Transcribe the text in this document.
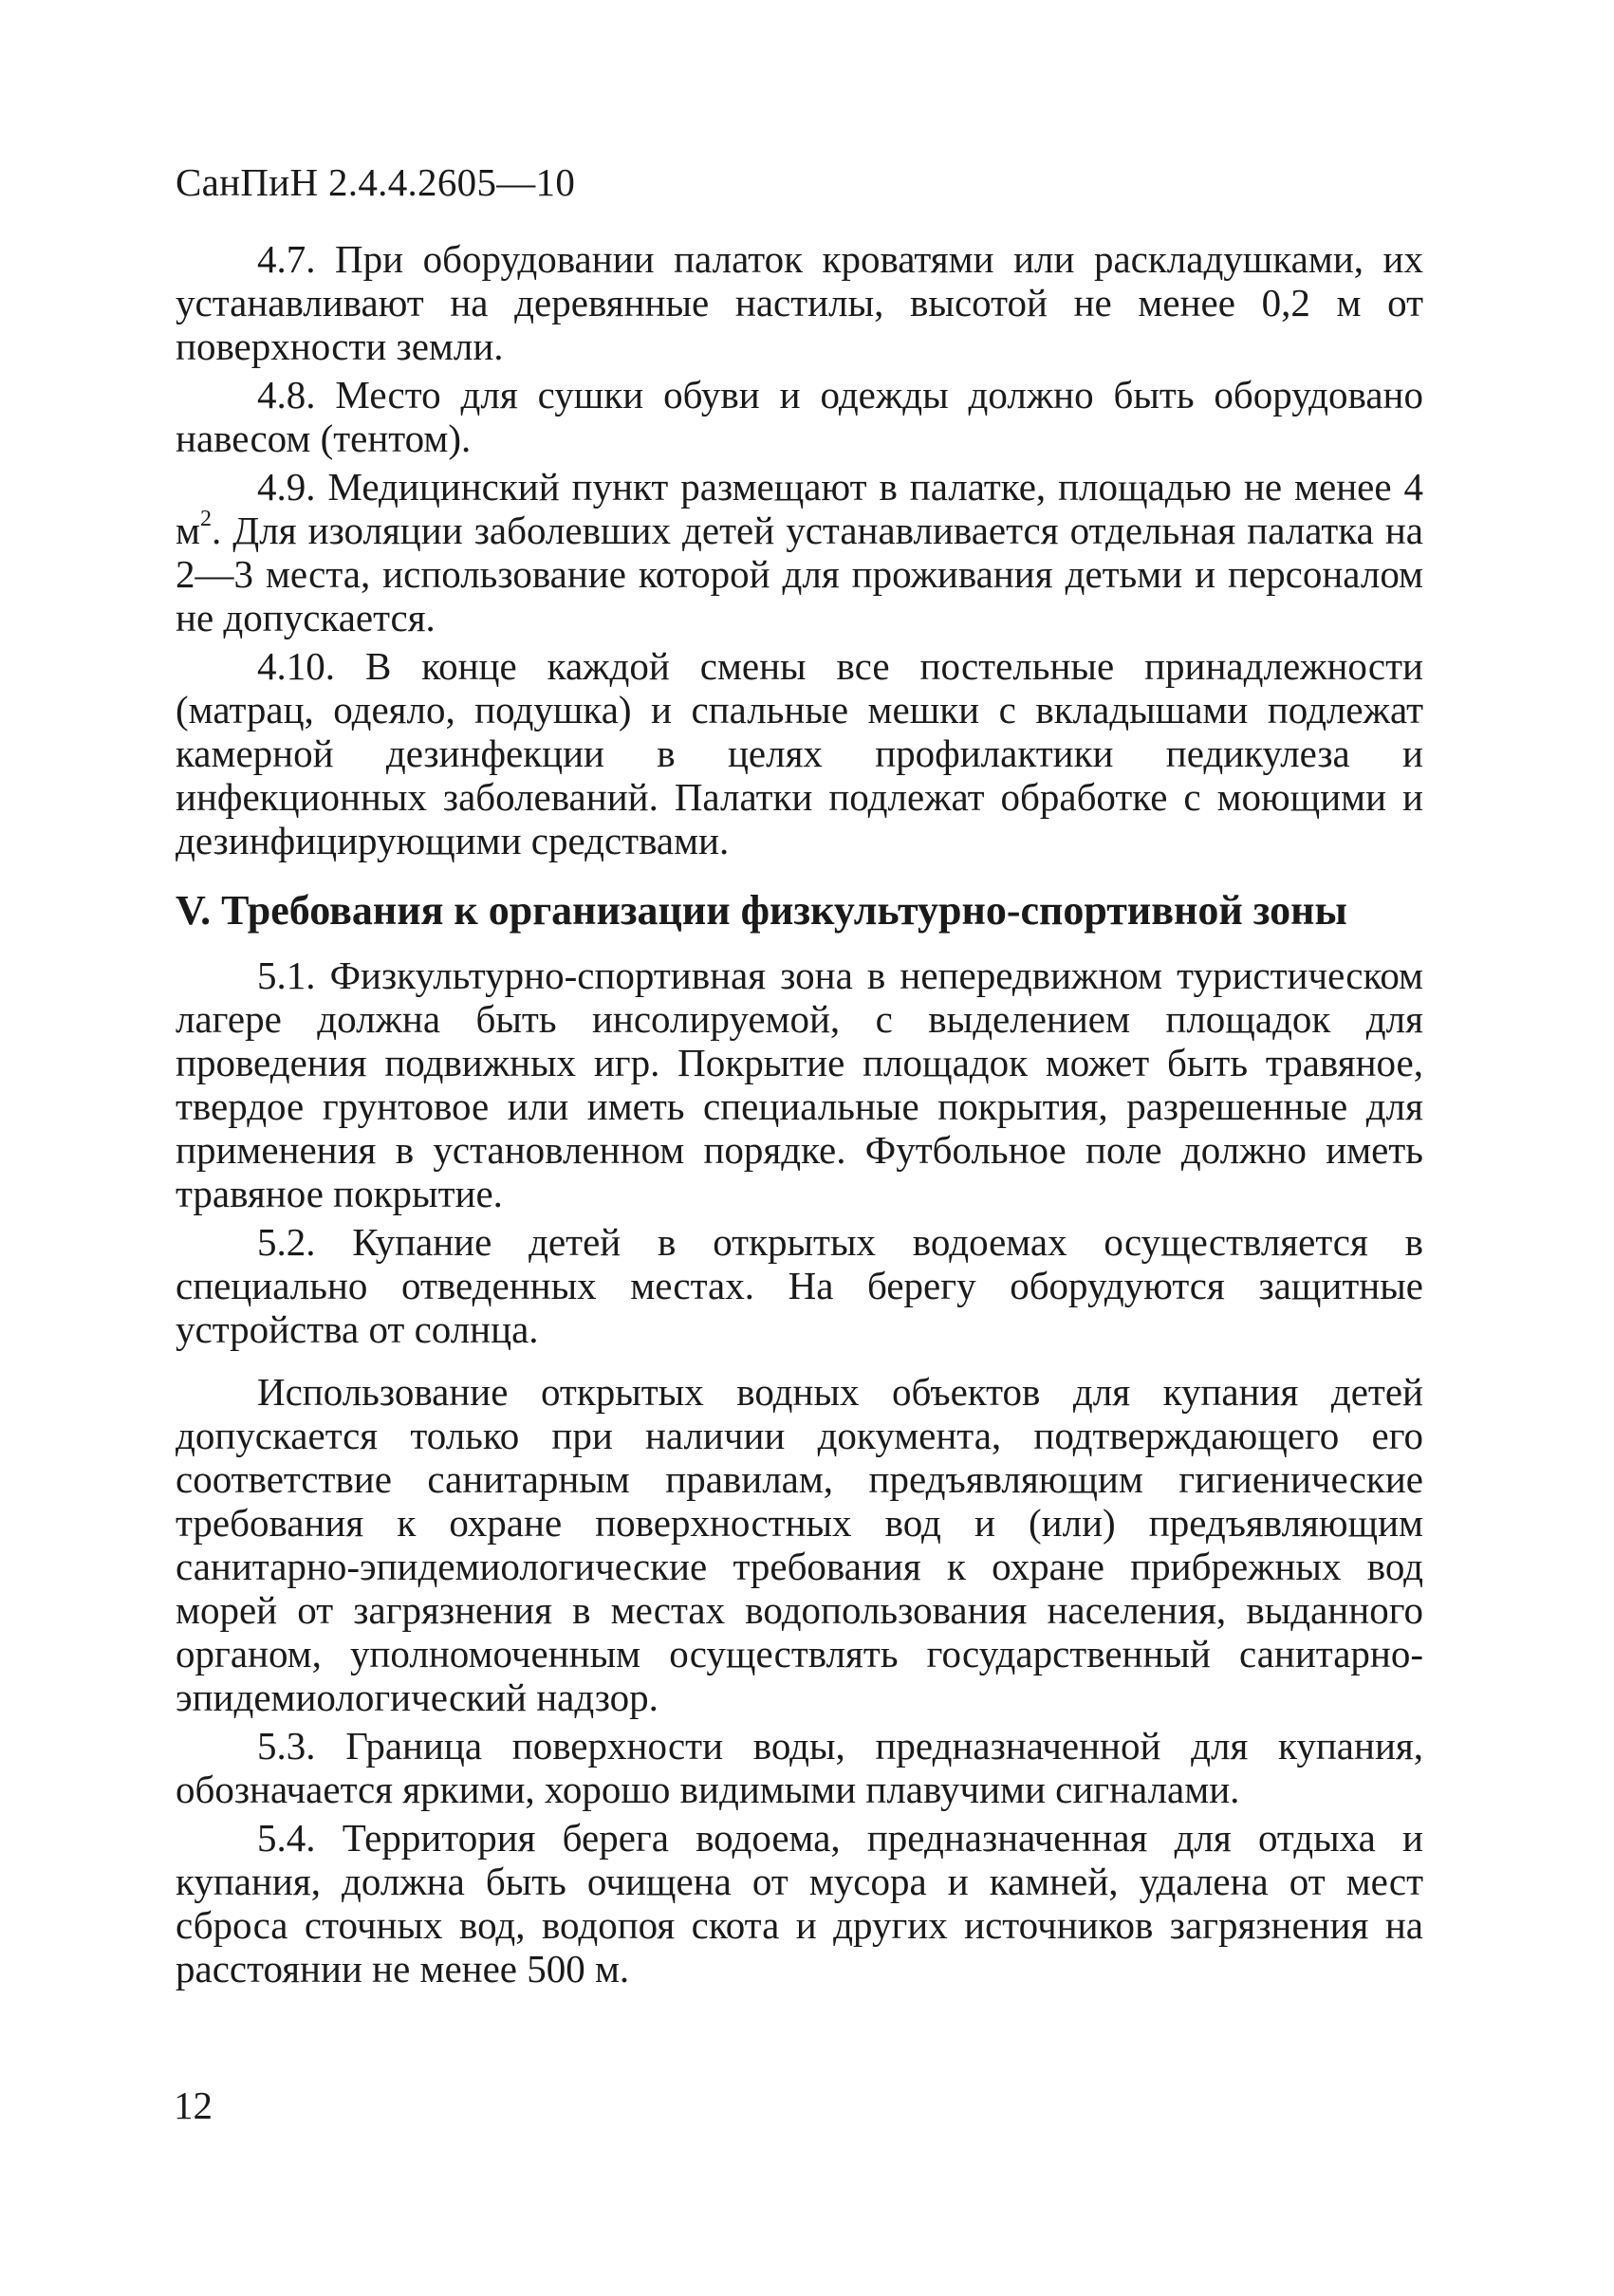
СанПиН 2.4.4.2605—10

4.7. При оборудовании палаток кроватями или раскладушками, их устанавливают на деревянные настилы, высотой не менее 0,2 м от поверхности земли.

4.8. Место для сушки обуви и одежды должно быть оборудовано навесом (тентом).

4.9. Медицинский пункт размещают в палатке, площадью не менее 4 $м^2$. Для изоляции заболевших детей устанавливается отдельная палатка на 2—3 места, использование которой для проживания детьми и персоналом не допускается.

4.10. В конце каждой смены все постельные принадлежности (матрац, одеяло, подушка) и спальные мешки с вкладышами подлежат камерной дезинфекции в целях профилактики педикулеза и инфекционных заболеваний. Палатки подлежат обработке с моющими и дезинфицирующими средствами.

V. Требования к организации физкультурно-спортивной зоны

5.1. Физкультурно-спортивная зона в непередвижном туристическом лагере должна быть инсолируемой, с выделением площадок для проведения подвижных игр. Покрытие площадок может быть травяное, твердое грунтовое или иметь специальные покрытия, разрешенные для применения в установленном порядке. Футбольное поле должно иметь травяное покрытие.

5.2. Купание детей в открытых водоемах осуществляется в специально отведенных местах. На берегу оборудуются защитные устройства от солнца.

Использование открытых водных объектов для купания детей допускается только при наличии документа, подтверждающего его соответствие санитарным правилам, предъявляющим гигиенические требования к охране поверхностных вод и (или) предъявляющим санитарно-эпидемиологические требования к охране прибрежных вод морей от загрязнения в местах водопользования населения, выданного органом, уполномоченным осуществлять государственный санитарно-эпидемиологический надзор.

5.3. Граница поверхности воды, предназначенной для купания, обозначается яркими, хорошо видимыми плавучими сигналами.

5.4. Территория берега водоема, предназначенная для отдыха и купания, должна быть очищена от мусора и камней, удалена от мест сброса сточных вод, водопоя скота и других источников загрязнения на расстоянии не менее 500 м.

12
